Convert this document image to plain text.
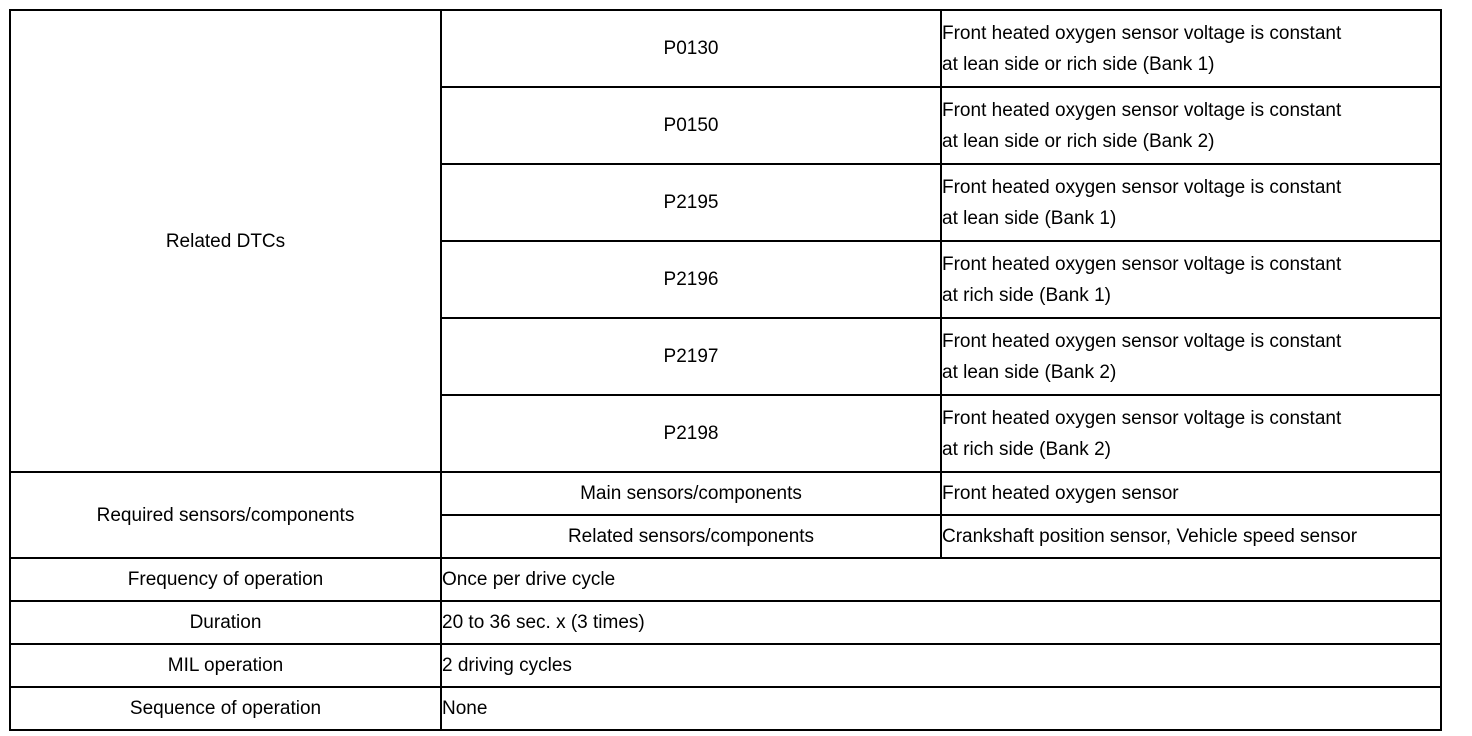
Related DTCs	P0130	Front heated oxygen sensor voltage is constant
at lean side or rich side (Bank 1)
	P0150	Front heated oxygen sensor voltage is constant
at lean side or rich side (Bank 2)
	P2195	Front heated oxygen sensor voltage is constant
at lean side (Bank 1)
	P2196	Front heated oxygen sensor voltage is constant
at rich side (Bank 1)
	P2197	Front heated oxygen sensor voltage is constant
at lean side (Bank 2)
	P2198	Front heated oxygen sensor voltage is constant
at rich side (Bank 2)
Required sensors/components	Main sensors/components	Front heated oxygen sensor
	Related sensors/components	Crankshaft position sensor, Vehicle speed sensor
Frequency of operation	Once per drive cycle	
Duration	20 to 36 sec. x (3 times)	
MIL operation	2 driving cycles	
Sequence of operation	None	
